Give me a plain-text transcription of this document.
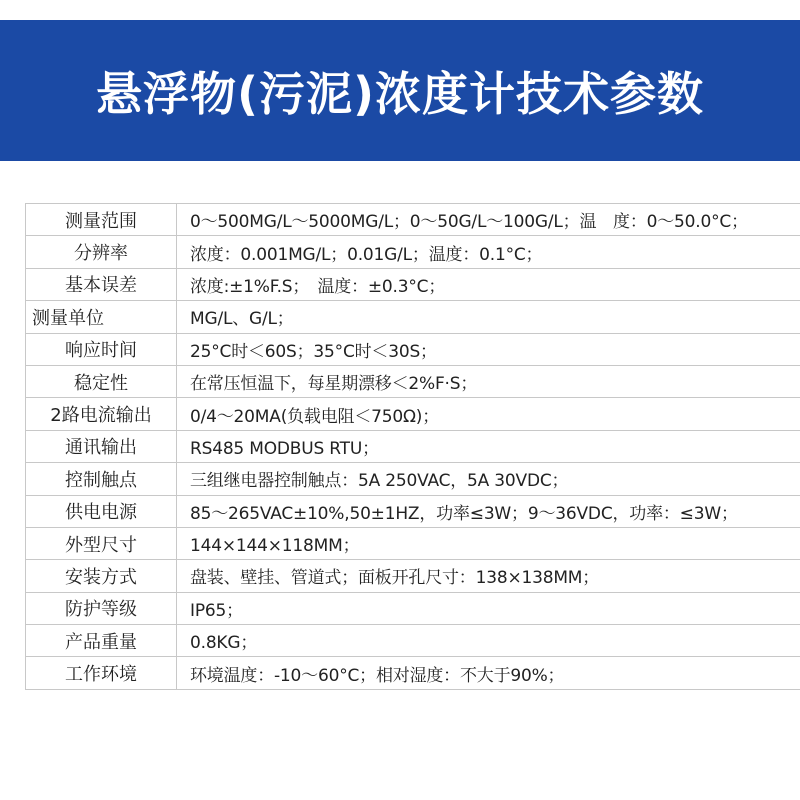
悬浮物(污泥)浓度计技术参数
测量范围	0～500MG/L～5000MG/L；0～50G/L～100G/L；温　度：0～50.0°C；
分辨率	浓度：0.001MG/L；0.01G/L；温度：0.1°C；
基本误差	浓度:±1%F.S；　温度：±0.3°C；
测量单位	MG/L、G/L；
响应时间	25°C时＜60S；35°C时＜30S；
稳定性	在常压恒温下，每星期漂移＜2%F·S；
2路电流输出	0/4～20MA(负载电阻＜750Ω)；
通讯输出	RS485 MODBUS RTU；
控制触点	三组继电器控制触点：5A 250VAC，5A 30VDC；
供电电源	85～265VAC±10%,50±1HZ，功率≤3W；9～36VDC，功率：≤3W；
外型尺寸	144×144×118MM；
安装方式	盘装、壁挂、管道式；面板开孔尺寸：138×138MM；
防护等级	IP65；
产品重量	0.8KG；
工作环境	环境温度：-10～60°C；相对湿度：不大于90%；
